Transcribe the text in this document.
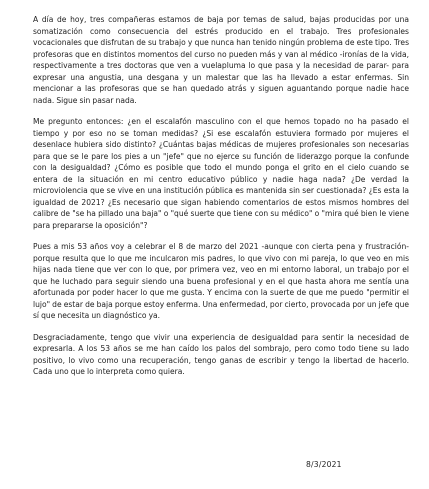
A día de hoy, tres compañeras estamos de baja por temas de salud, bajas producidas por una somatización como consecuencia del estrés producido en el trabajo. Tres profesionales vocacionales que disfrutan de su trabajo y que nunca han tenido ningún problema de este tipo. Tres profesoras que en distintos momentos del curso no pueden más y van al médico -ironías de la vida, respectivamente a tres doctoras que ven a vuelapluma lo que pasa y la necesidad de parar- para expresar una angustia, una desgana y un malestar que las ha llevado a estar enfermas. Sin mencionar a las profesoras que se han quedado atrás y siguen aguantando porque nadie hace nada. Sigue sin pasar nada.

Me pregunto entonces: ¿en el escalafón masculino con el que hemos topado no ha pasado el tiempo y por eso no se toman medidas? ¿Si ese escalafón estuviera formado por mujeres el desenlace hubiera sido distinto? ¿Cuántas bajas médicas de mujeres profesionales son necesarias para que se le pare los pies a un "jefe" que no ejerce su función de liderazgo porque la confunde con la desigualdad? ¿Cómo es posible que todo el mundo ponga el grito en el cielo cuando se entera de la situación en mi centro educativo público y nadie haga nada? ¿De verdad la microviolencia que se vive en una institución pública es mantenida sin ser cuestionada? ¿Es esta la igualdad de 2021? ¿Es necesario que sigan habiendo comentarios de estos mismos hombres del calibre de "se ha pillado una baja" o "qué suerte que tiene con su médico" o "mira qué bien le viene para prepararse la oposición"?

Pues a mis 53 años voy a celebrar el 8 de marzo del 2021 -aunque con cierta pena y frustración- porque resulta que lo que me inculcaron mis padres, lo que vivo con mi pareja, lo que veo en mis hijas nada tiene que ver con lo que, por primera vez, veo en mi entorno laboral, un trabajo por el que he luchado para seguir siendo una buena profesional y en el que hasta ahora me sentía una afortunada por poder hacer lo que me gusta. Y encima con la suerte de que me puedo "permitir el lujo" de estar de baja porque estoy enferma. Una enfermedad, por cierto, provocada por un jefe que sí que necesita un diagnóstico ya.

Desgraciadamente, tengo que vivir una experiencia de desigualdad para sentir la necesidad de expresarla. A los 53 años se me han caído los palos del sombrajo, pero como todo tiene su lado positivo, lo vivo como una recuperación, tengo ganas de escribir y tengo la libertad de hacerlo. Cada uno que lo interpreta como quiera.

8/3/2021
